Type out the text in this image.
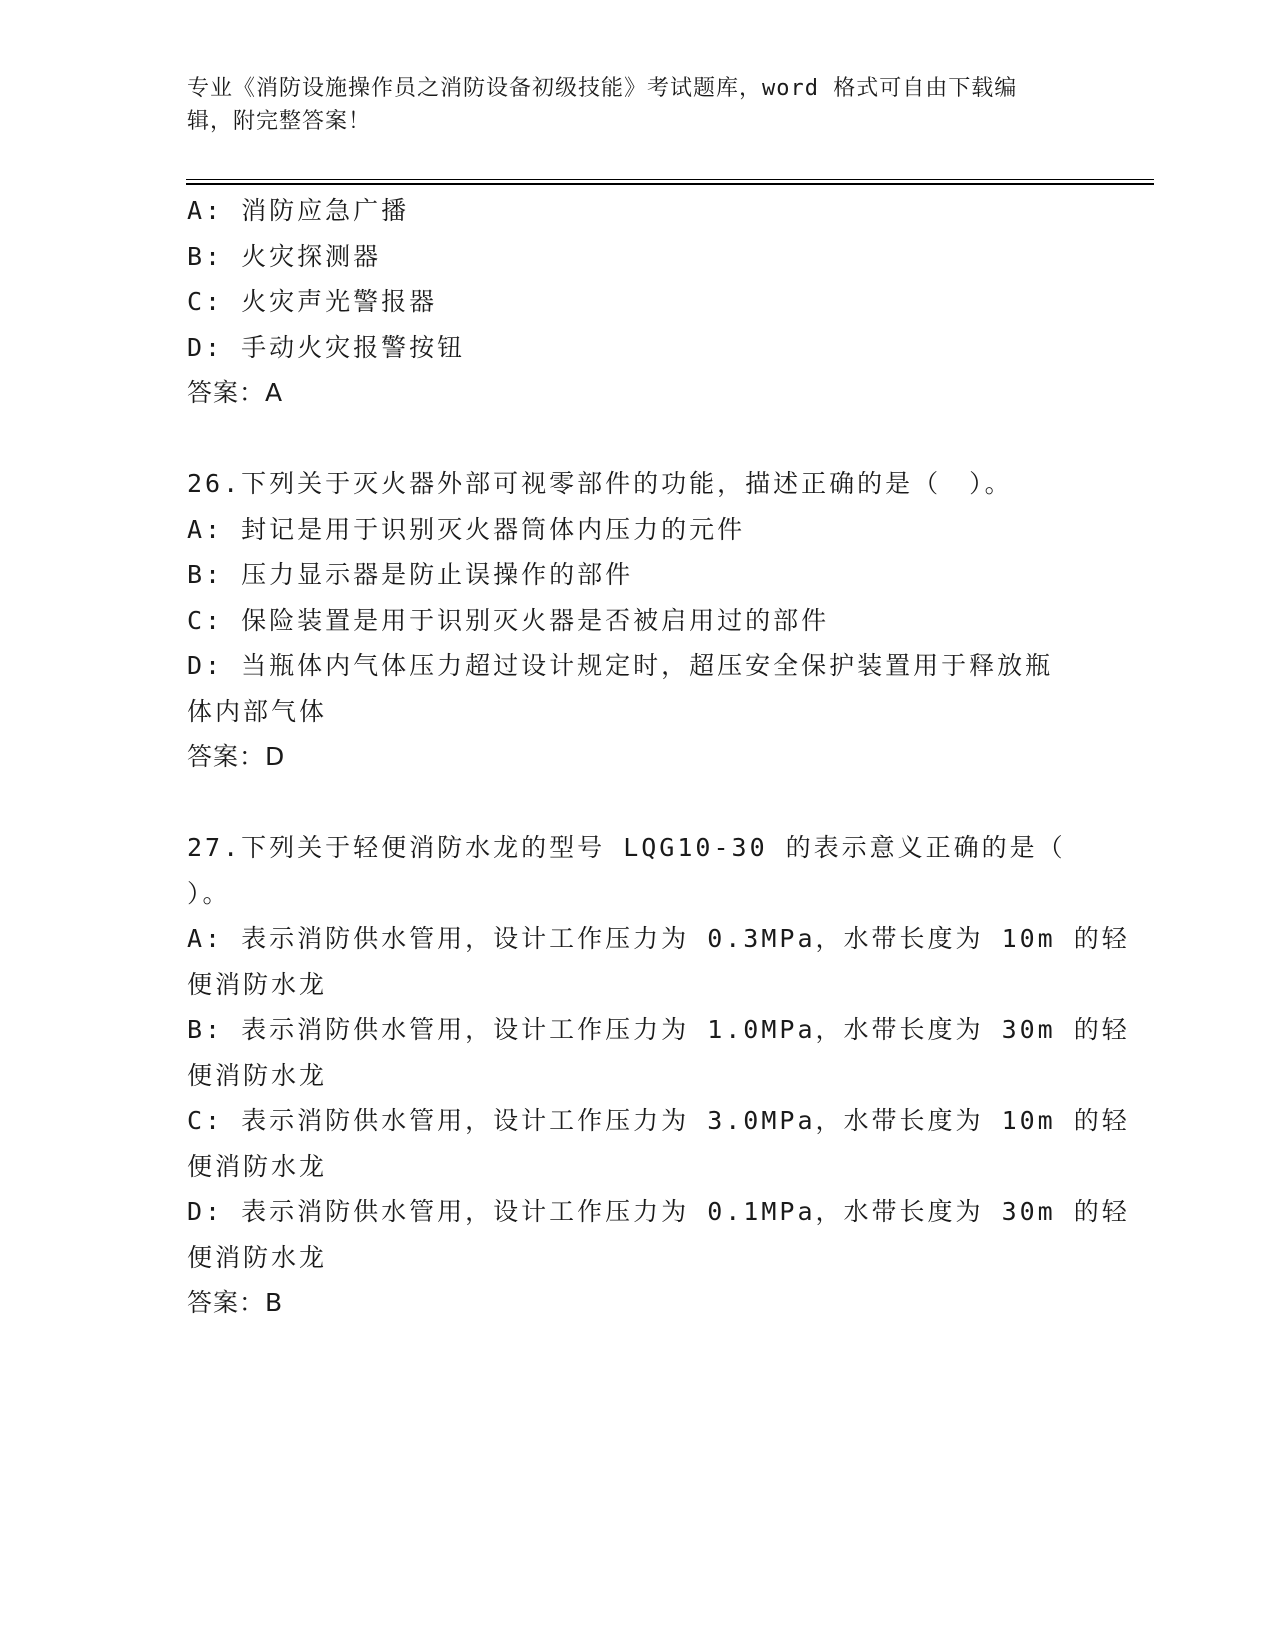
专业《消防设施操作员之消防设备初级技能》考试题库，word 格式可自由下载编
辑，附完整答案！
A: 消防应急广播
B: 火灾探测器
C: 火灾声光警报器
D: 手动火灾报警按钮
答案：A
26.下列关于灭火器外部可视零部件的功能，描述正确的是（　）。
A: 封记是用于识别灭火器筒体内压力的元件
B: 压力显示器是防止误操作的部件
C: 保险装置是用于识别灭火器是否被启用过的部件
D: 当瓶体内气体压力超过设计规定时，超压安全保护装置用于释放瓶
体内部气体
答案：D
27.下列关于轻便消防水龙的型号 LQG10-30 的表示意义正确的是（
）。
A: 表示消防供水管用，设计工作压力为 0.3MPa，水带长度为 10m 的轻
便消防水龙
B: 表示消防供水管用，设计工作压力为 1.0MPa，水带长度为 30m 的轻
便消防水龙
C: 表示消防供水管用，设计工作压力为 3.0MPa，水带长度为 10m 的轻
便消防水龙
D: 表示消防供水管用，设计工作压力为 0.1MPa，水带长度为 30m 的轻
便消防水龙
答案：B
